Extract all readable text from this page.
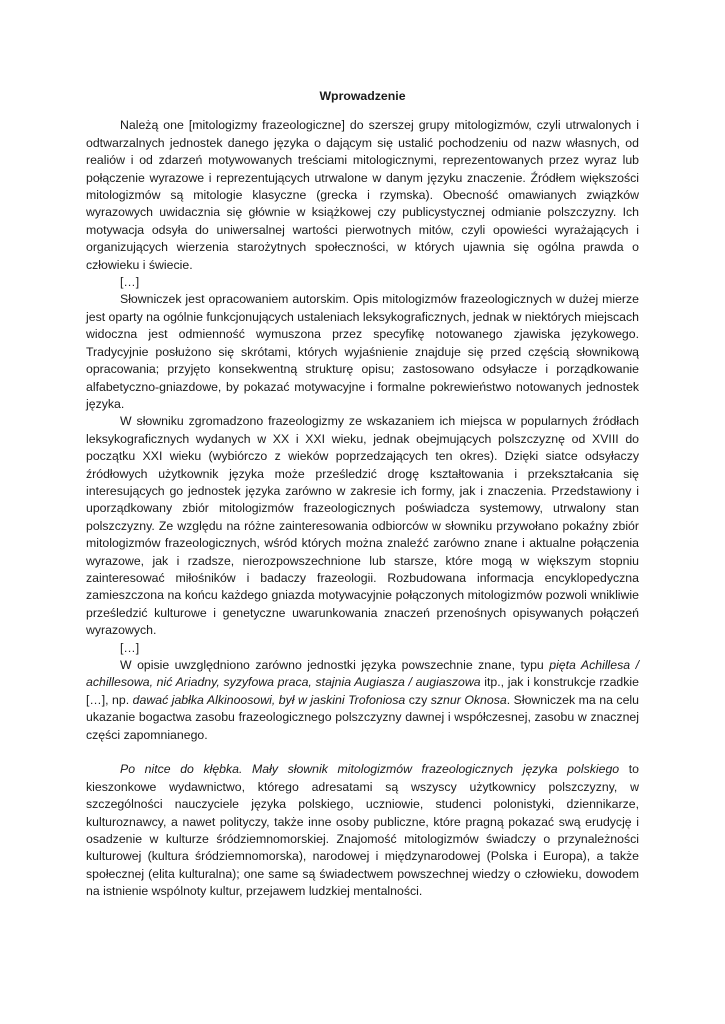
Wprowadzenie

Należą one [mitologizmy frazeologiczne] do szerszej grupy mitologizmów, czyli utrwalonych i odtwarzalnych jednostek danego języka o dającym się ustalić pochodzeniu od nazw własnych, od realiów i od zdarzeń motywowanych treściami mitologicznymi, reprezentowanych przez wyraz lub połączenie wyrazowe i reprezentujących utrwalone w danym języku znaczenie. Źródłem większości mitologizmów są mitologie klasyczne (grecka i rzymska). Obecność omawianych związków wyrazowych uwidacznia się głównie w książkowej czy publicystycznej odmianie polszczyzny. Ich motywacja odsyła do uniwersalnej wartości pierwotnych mitów, czyli opowieści wyrażających i organizujących wierzenia starożytnych społeczności, w których ujawnia się ogólna prawda o człowieku i świecie.

[…]

Słowniczek jest opracowaniem autorskim. Opis mitologizmów frazeologicznych w dużej mierze jest oparty na ogólnie funkcjonujących ustaleniach leksykograficznych, jednak w niektórych miejscach widoczna jest odmienność wymuszona przez specyfikę notowanego zjawiska językowego. Tradycyjnie posłużono się skrótami, których wyjaśnienie znajduje się przed częścią słownikową opracowania; przyjęto konsekwentną strukturę opisu; zastosowano odsyłacze i porządkowanie alfabetyczno-gniazdowe, by pokazać motywacyjne i formalne pokrewieństwo notowanych jednostek języka.

W słowniku zgromadzono frazeologizmy ze wskazaniem ich miejsca w popularnych źródłach leksykograficznych wydanych w XX i XXI wieku, jednak obejmujących polszczyznę od XVIII do początku XXI wieku (wybiórczo z wieków poprzedzających ten okres). Dzięki siatce odsyłaczy źródłowych użytkownik języka może prześledzić drogę kształtowania i przekształcania się interesujących go jednostek języka zarówno w zakresie ich formy, jak i znaczenia. Przedstawiony i uporządkowany zbiór mitologizmów frazeologicznych poświadcza systemowy, utrwalony stan polszczyzny. Ze względu na różne zainteresowania odbiorców w słowniku przywołano pokaźny zbiór mitologizmów frazeologicznych, wśród których można znaleźć zarówno znane i aktualne połączenia wyrazowe, jak i rzadsze, nierozpowszechnione lub starsze, które mogą w większym stopniu zainteresować miłośników i badaczy frazeologii. Rozbudowana informacja encyklopedyczna zamieszczona na końcu każdego gniazda motywacyjnie połączonych mitologizmów pozwoli wnikliwie prześledzić kulturowe i genetyczne uwarunkowania znaczeń przenośnych opisywanych połączeń wyrazowych.

[…]

W opisie uwzględniono zarówno jednostki języka powszechnie znane, typu pięta Achillesa / achillesowa, nić Ariadny, syzyfowa praca, stajnia Augiasza / augiaszowa itp., jak i konstrukcje rzadkie […], np. dawać jabłka Alkinoosowi, był w jaskini Trofoniosa czy sznur Oknosa. Słowniczek ma na celu ukazanie bogactwa zasobu frazeologicznego polszczyzny dawnej i współczesnej, zasobu w znacznej części zapomnianego.

Po nitce do kłębka. Mały słownik mitologizmów frazeologicznych języka polskiego to kieszonkowe wydawnictwo, którego adresatami są wszyscy użytkownicy polszczyzny, w szczególności nauczyciele języka polskiego, uczniowie, studenci polonistyki, dziennikarze, kulturoznawcy, a nawet polityczy, także inne osoby publiczne, które pragną pokazać swą erudycję i osadzenie w kulturze śródziemnomorskiej. Znajomość mitologizmów świadczy o przynależności kulturowej (kultura śródziemnomorska), narodowej i międzynarodowej (Polska i Europa), a także społecznej (elita kulturalna); one same są świadectwem powszechnej wiedzy o człowieku, dowodem na istnienie wspólnoty kultur, przejawem ludzkiej mentalności.
